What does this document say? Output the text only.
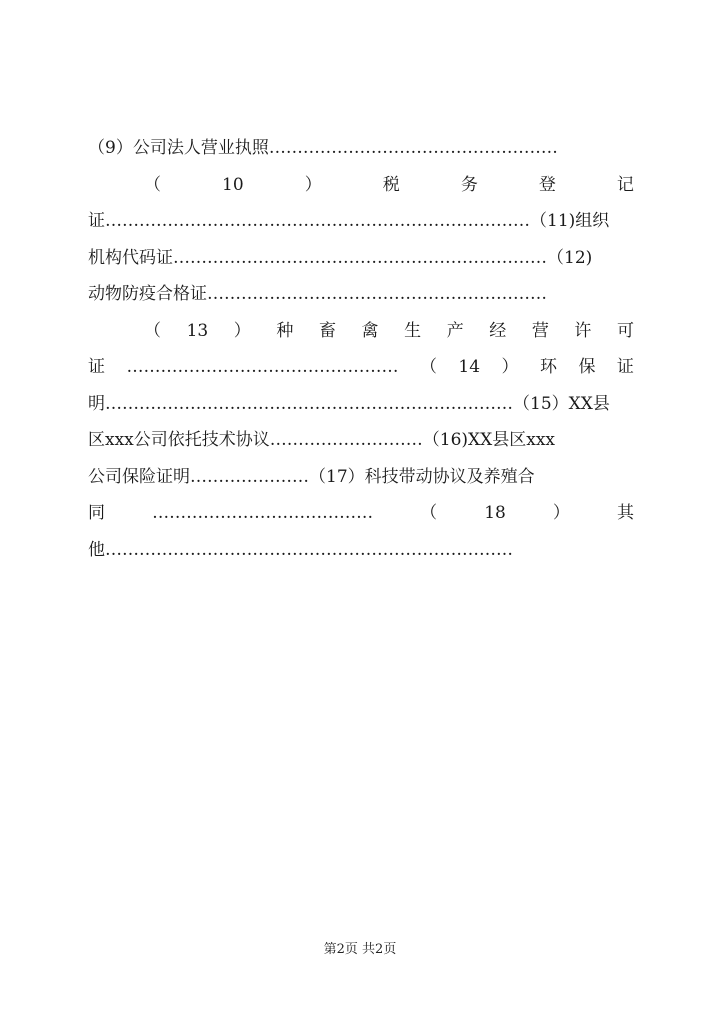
（9）公司法人营业执照……………………………………………
（	10	）	税	务	登	记
证…………………………………………………………………（11)组织
机构代码证…………………………………………………………（12)
动物防疫合格证……………………………………………………
（ 13 ） 种 畜 禽 生 产 经 营 许 可
证 ………………………………………… （ 14 ） 环 保 证
明………………………………………………………………（15）XX县
区xxx公司依托技术协议………………………（16)XX县区xxx
公司保险证明…………………（17）科技带动协议及养殖合
同	…………………………………	（	18	）	其
他………………………………………………………………
第2页 共2页
